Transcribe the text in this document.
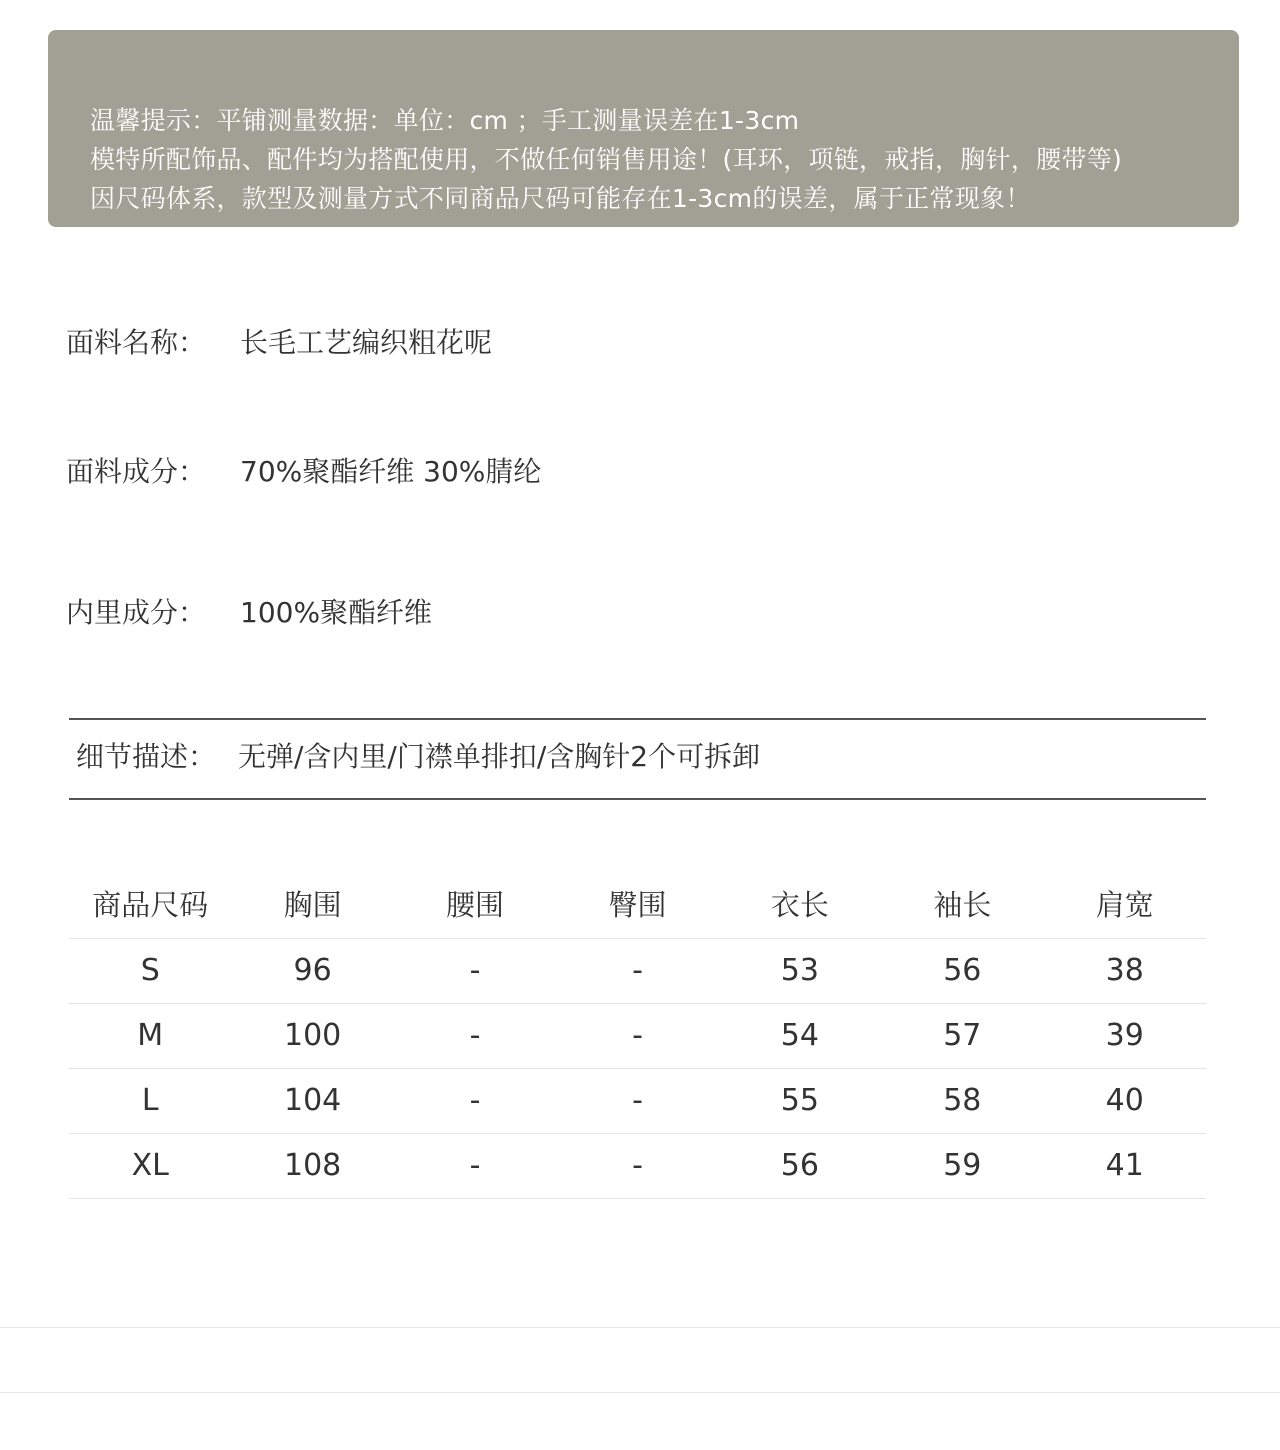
温馨提示：平铺测量数据：单位：cm ；手工测量误差在1-3cm
模特所配饰品、配件均为搭配使用，不做任何销售用途！(耳环，项链，戒指，胸针，腰带等)
因尺码体系，款型及测量方式不同商品尺码可能存在1-3cm的误差，属于正常现象！
面料名称： 长毛工艺编织粗花呢
面料成分： 70%聚酯纤维 30%腈纶
内里成分： 100%聚酯纤维
细节描述： 无弹/含内里/门襟单排扣/含胸针2个可拆卸
商品尺码	胸围	腰围	臀围	衣长	袖长	肩宽
S	96	-	-	53	56	38
M	100	-	-	54	57	39
L	104	-	-	55	58	40
XL	108	-	-	56	59	41
